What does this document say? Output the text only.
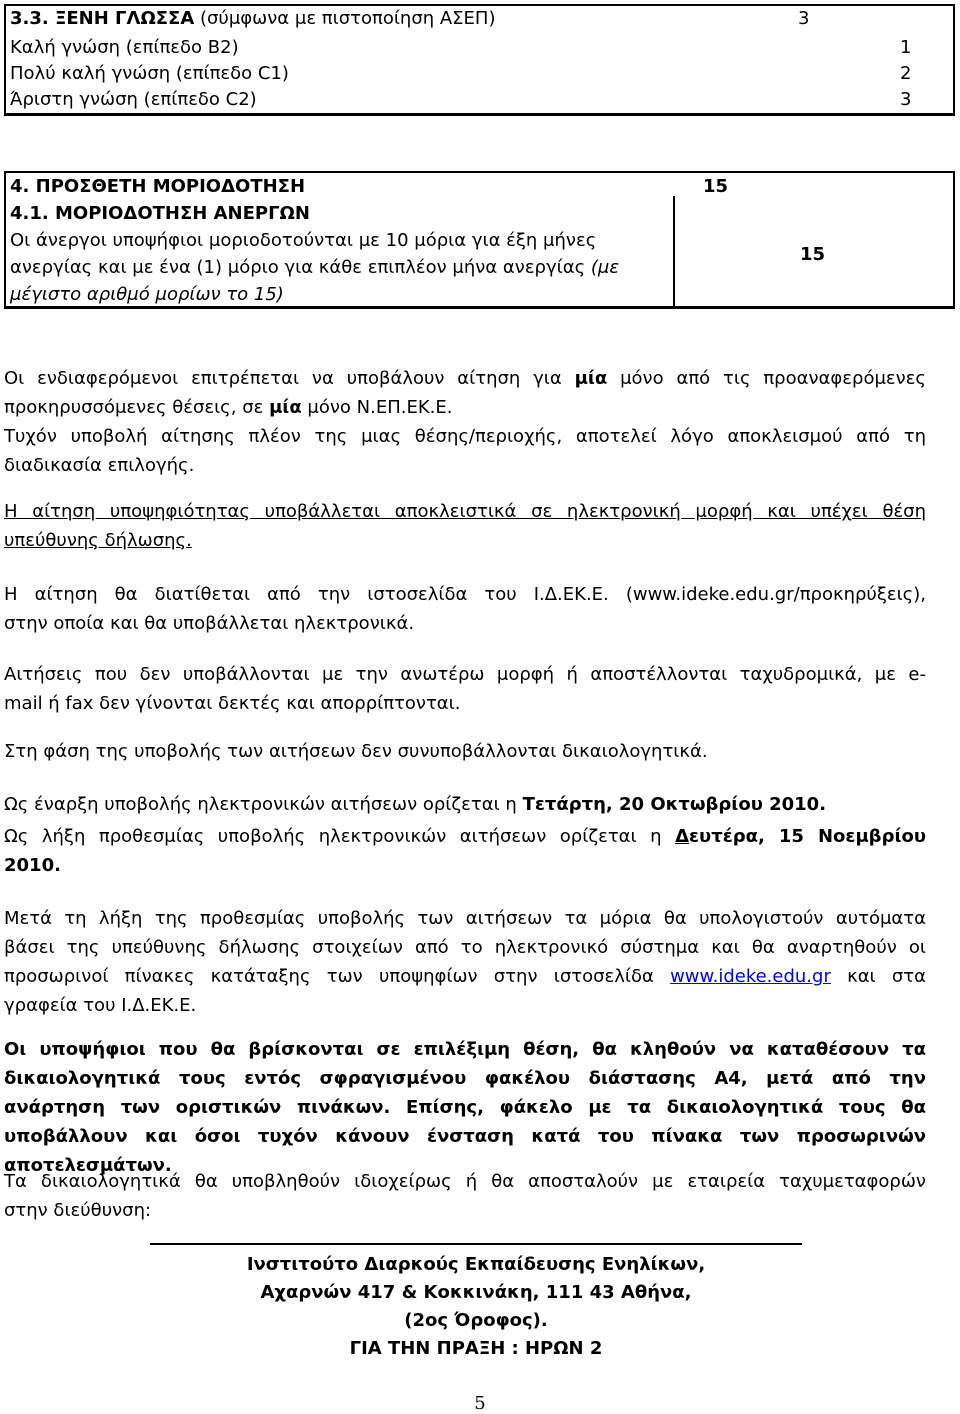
3.3. ΞΕΝΗ ΓΛΩΣΣΑ (σύμφωνα με πιστοποίηση ΑΣΕΠ)	3
Καλή γνώση (επίπεδο Β2)	1
Πολύ καλή γνώση (επίπεδο C1)	2
Άριστη γνώση (επίπεδο C2)	3
4. ΠΡΟΣΘΕΤΗ ΜΟΡΙΟΔΟΤΗΣΗ	15
4.1. ΜΟΡΙΟΔΟΤΗΣΗ ΑΝΕΡΓΩΝ
Οι άνεργοι υποψήφιοι μοριοδοτούνται με 10 μόρια για έξη μήνες
ανεργίας και με ένα (1) μόριο για κάθε επιπλέον μήνα ανεργίας (με
μέγιστο αριθμό μορίων το 15)
15
Οι ενδιαφερόμενοι επιτρέπεται να υποβάλουν αίτηση για μία μόνο από τις προαναφερόμενες
προκηρυσσόμενες θέσεις, σε μία μόνο Ν.ΕΠ.ΕΚ.Ε.
Τυχόν υποβολή αίτησης πλέον της μιας θέσης/περιοχής, αποτελεί λόγο αποκλεισμού από τη
διαδικασία επιλογής.
Η αίτηση υποψηφιότητας υποβάλλεται αποκλειστικά σε ηλεκτρονική μορφή και υπέχει θέση
υπεύθυνης δήλωσης.
Η αίτηση θα διατίθεται από την ιστοσελίδα του Ι.Δ.ΕΚ.Ε. (www.ideke.edu.gr/προκηρύξεις),
στην οποία και θα υποβάλλεται ηλεκτρονικά.
Αιτήσεις που δεν υποβάλλονται με την ανωτέρω μορφή ή αποστέλλονται ταχυδρομικά, με e-
mail ή fax δεν γίνονται δεκτές και απορρίπτονται.
Στη φάση της υποβολής των αιτήσεων δεν συνυποβάλλονται δικαιολογητικά.
Ως έναρξη υποβολής ηλεκτρονικών αιτήσεων ορίζεται η Τετάρτη, 20 Οκτωβρίου 2010.
Ως λήξη προθεσμίας υποβολής ηλεκτρονικών αιτήσεων ορίζεται η Δευτέρα, 15 Νοεμβρίου
2010.
Μετά τη λήξη της προθεσμίας υποβολής των αιτήσεων τα μόρια θα υπολογιστούν αυτόματα
βάσει της υπεύθυνης δήλωσης στοιχείων από το ηλεκτρονικό σύστημα και θα αναρτηθούν οι
προσωρινοί πίνακες κατάταξης των υποψηφίων στην ιστοσελίδα www.ideke.edu.gr και στα
γραφεία του Ι.Δ.ΕΚ.Ε.
Οι υποψήφιοι που θα βρίσκονται σε επιλέξιμη θέση, θα κληθούν να καταθέσουν τα
δικαιολογητικά τους εντός σφραγισμένου φακέλου διάστασης Α4, μετά από την
ανάρτηση των οριστικών πινάκων. Επίσης, φάκελο με τα δικαιολογητικά τους θα
υποβάλλουν και όσοι τυχόν κάνουν ένσταση κατά του πίνακα των προσωρινών
αποτελεσμάτων.
Τα δικαιολογητικά θα υποβληθούν ιδιοχείρως ή θα αποσταλούν με εταιρεία ταχυμεταφορών
στην διεύθυνση:
Ινστιτούτο Διαρκούς Εκπαίδευσης Ενηλίκων,
Αχαρνών 417 & Κοκκινάκη, 111 43 Αθήνα,
(2ος Όροφος).
ΓΙΑ ΤΗΝ ΠΡΑΞΗ : ΗΡΩΝ 2
5
